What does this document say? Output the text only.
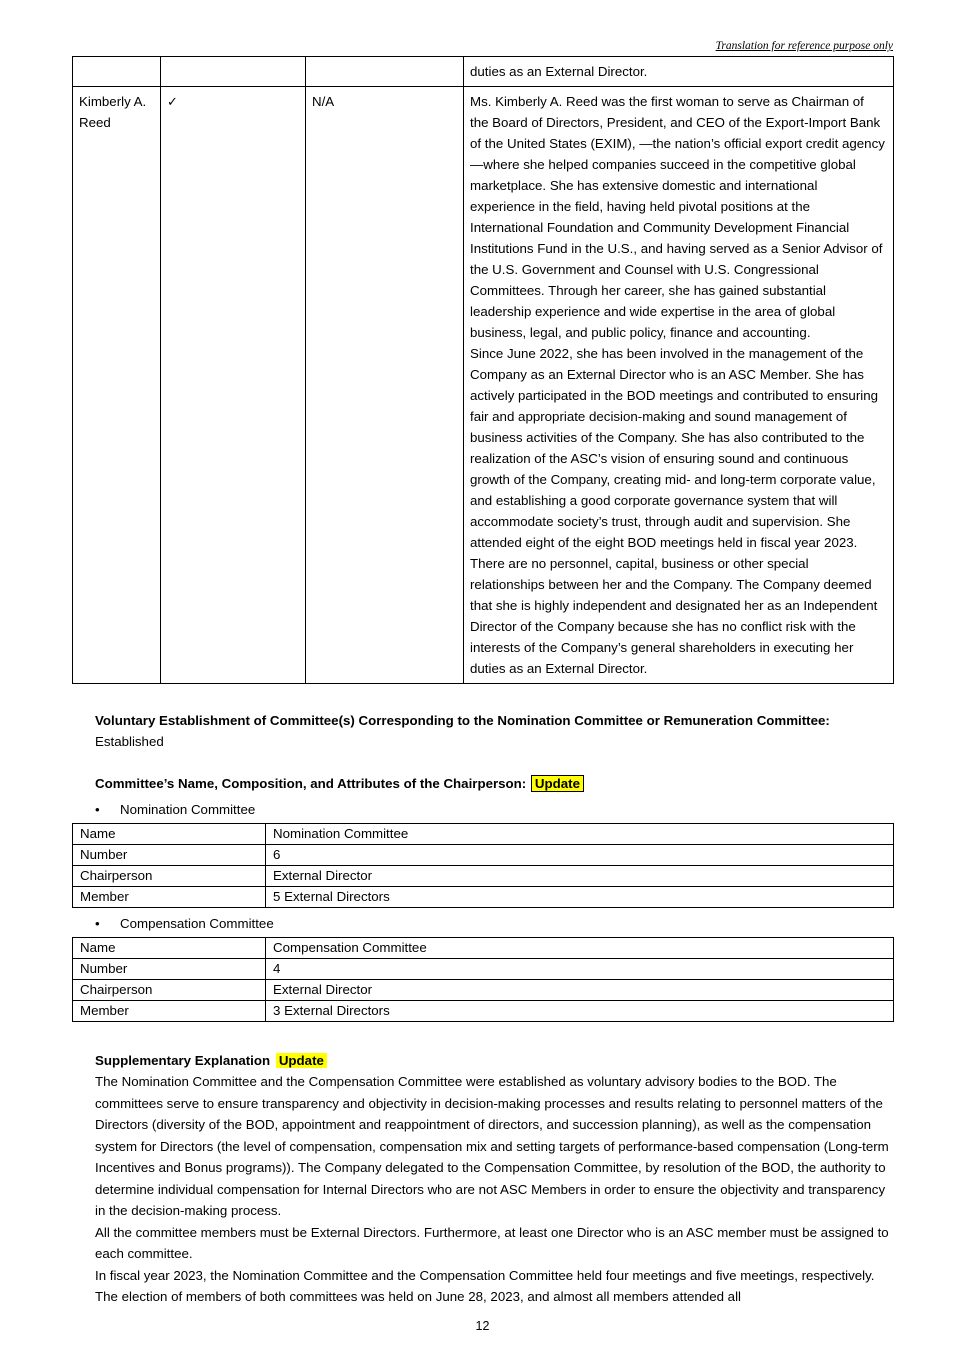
Translation for reference purpose only
			duties as an External Director.
Kimberly A. Reed	✓	N/A	Ms. Kimberly A. Reed was the first woman to serve as Chairman of the Board of Directors, President, and CEO of the Export-Import Bank of the United States (EXIM), —the nation’s official export credit agency—where she helped companies succeed in the competitive global marketplace. She has extensive domestic and international experience in the field, having held pivotal positions at the International Foundation and Community Development Financial Institutions Fund in the U.S., and having served as a Senior Advisor of the U.S. Government and Counsel with U.S. Congressional Committees. Through her career, she has gained substantial leadership experience and wide expertise in the area of global business, legal, and public policy, finance and accounting.
Since June 2022, she has been involved in the management of the Company as an External Director who is an ASC Member. She has actively participated in the BOD meetings and contributed to ensuring fair and appropriate decision-making and sound management of business activities of the Company. She has also contributed to the realization of the ASC’s vision of ensuring sound and continuous growth of the Company, creating mid- and long-term corporate value, and establishing a good corporate governance system that will accommodate society’s trust, through audit and supervision. She attended eight of the eight BOD meetings held in fiscal year 2023.
There are no personnel, capital, business or other special relationships between her and the Company. The Company deemed that she is highly independent and designated her as an Independent Director of the Company because she has no conflict risk with the interests of the Company’s general shareholders in executing her duties as an External Director.
Voluntary Establishment of Committee(s) Corresponding to the Nomination Committee or Remuneration Committee:
Established
Committee’s Name, Composition, and Attributes of the Chairperson: Update
• Nomination Committee
Name	Nomination Committee
Number	6
Chairperson	External Director
Member	5 External Directors
• Compensation Committee
Name	Compensation Committee
Number	4
Chairperson	External Director
Member	3 External Directors
Supplementary Explanation Update
The Nomination Committee and the Compensation Committee were established as voluntary advisory bodies to the BOD. The committees serve to ensure transparency and objectivity in decision-making processes and results relating to personnel matters of the Directors (diversity of the BOD, appointment and reappointment of directors, and succession planning), as well as the compensation system for Directors (the level of compensation, compensation mix and setting targets of performance-based compensation (Long-term Incentives and Bonus programs)). The Company delegated to the Compensation Committee, by resolution of the BOD, the authority to determine individual compensation for Internal Directors who are not ASC Members in order to ensure the objectivity and transparency in the decision-making process.
All the committee members must be External Directors. Furthermore, at least one Director who is an ASC member must be assigned to each committee.
In fiscal year 2023, the Nomination Committee and the Compensation Committee held four meetings and five meetings, respectively. The election of members of both committees was held on June 28, 2023, and almost all members attended all
12
